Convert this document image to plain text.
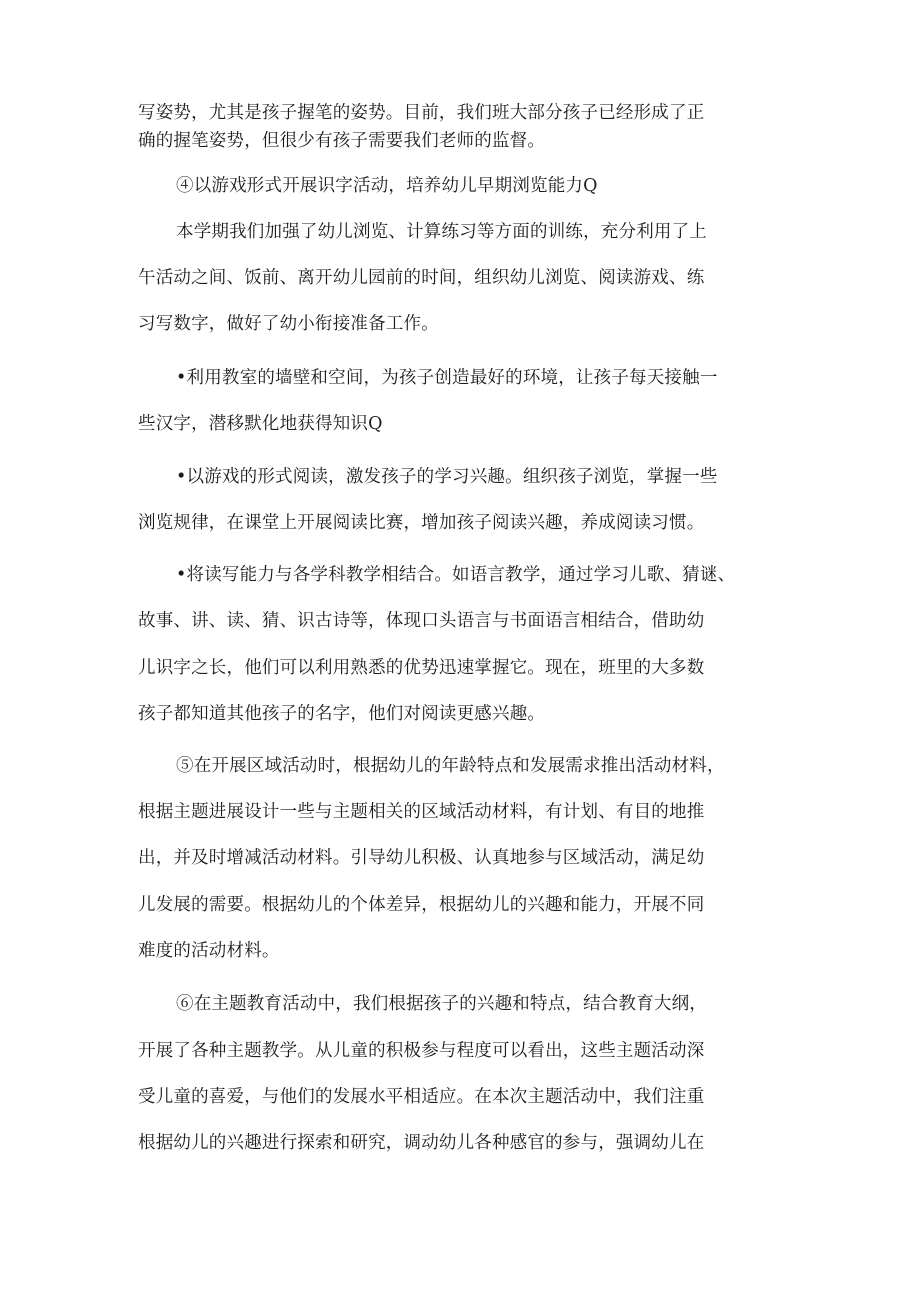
写姿势，尤其是孩子握笔的姿势。目前，我们班大部分孩子已经形成了正
确的握笔姿势，但很少有孩子需要我们老师的监督。
④以游戏形式开展识字活动，培养幼儿早期浏览能力Q
本学期我们加强了幼儿浏览、计算练习等方面的训练，充分利用了上
午活动之间、饭前、离开幼儿园前的时间，组织幼儿浏览、阅读游戏、练
习写数字，做好了幼小衔接准备工作。
•利用教室的墙壁和空间，为孩子创造最好的环境，让孩子每天接触一
些汉字，潜移默化地获得知识Q
•以游戏的形式阅读，激发孩子的学习兴趣。组织孩子浏览，掌握一些
浏览规律，在课堂上开展阅读比赛，增加孩子阅读兴趣，养成阅读习惯。
•将读写能力与各学科教学相结合。如语言教学，通过学习儿歌、猜谜、
故事、讲、读、猜、识古诗等，体现口头语言与书面语言相结合，借助幼
儿识字之长，他们可以利用熟悉的优势迅速掌握它。现在，班里的大多数
孩子都知道其他孩子的名字，他们对阅读更感兴趣。
⑤在开展区域活动时，根据幼儿的年龄特点和发展需求推出活动材料，
根据主题进展设计一些与主题相关的区域活动材料，有计划、有目的地推
出，并及时增减活动材料。引导幼儿积极、认真地参与区域活动，满足幼
儿发展的需要。根据幼儿的个体差异，根据幼儿的兴趣和能力，开展不同
难度的活动材料。
⑥在主题教育活动中，我们根据孩子的兴趣和特点，结合教育大纲，
开展了各种主题教学。从儿童的积极参与程度可以看出，这些主题活动深
受儿童的喜爱，与他们的发展水平相适应。在本次主题活动中，我们注重
根据幼儿的兴趣进行探索和研究，调动幼儿各种感官的参与，强调幼儿在
